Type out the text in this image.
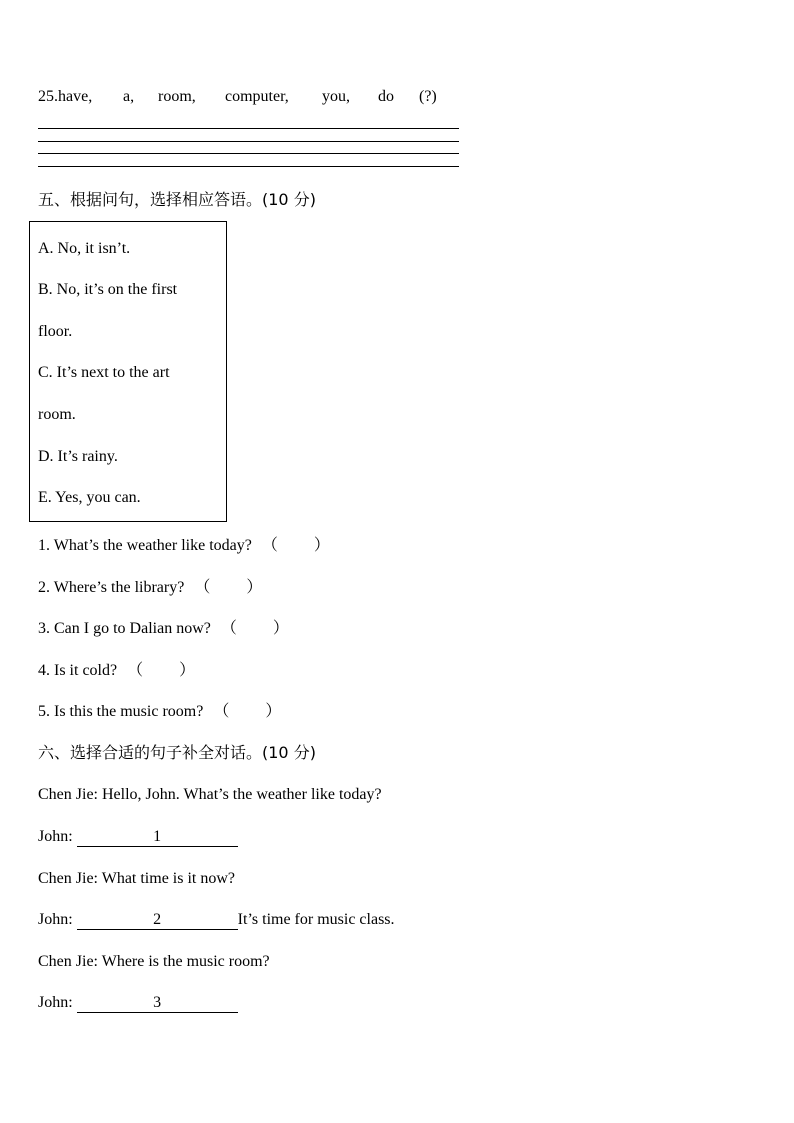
25.have, a, room, computer, you, do (?)
五、根据问句，选择相应答语。(10 分)
A. No, it isn’t.
B. No, it’s on the first
floor.
C. It’s next to the art
room.
D. It’s rainy.
E. Yes, you can.
1. What’s the weather like today? （ ）
2. Where’s the library? （ ）
3. Can I go to Dalian now? （ ）
4. Is it cold? （ ）
5. Is this the music room? （ ）
六、选择合适的句子补全对话。(10 分)
Chen Jie: Hello, John. What’s the weather like today?
John:	1
Chen Jie: What time is it now?
John:	2	It’s time for music class.
Chen Jie: Where is the music room?
John:	3
